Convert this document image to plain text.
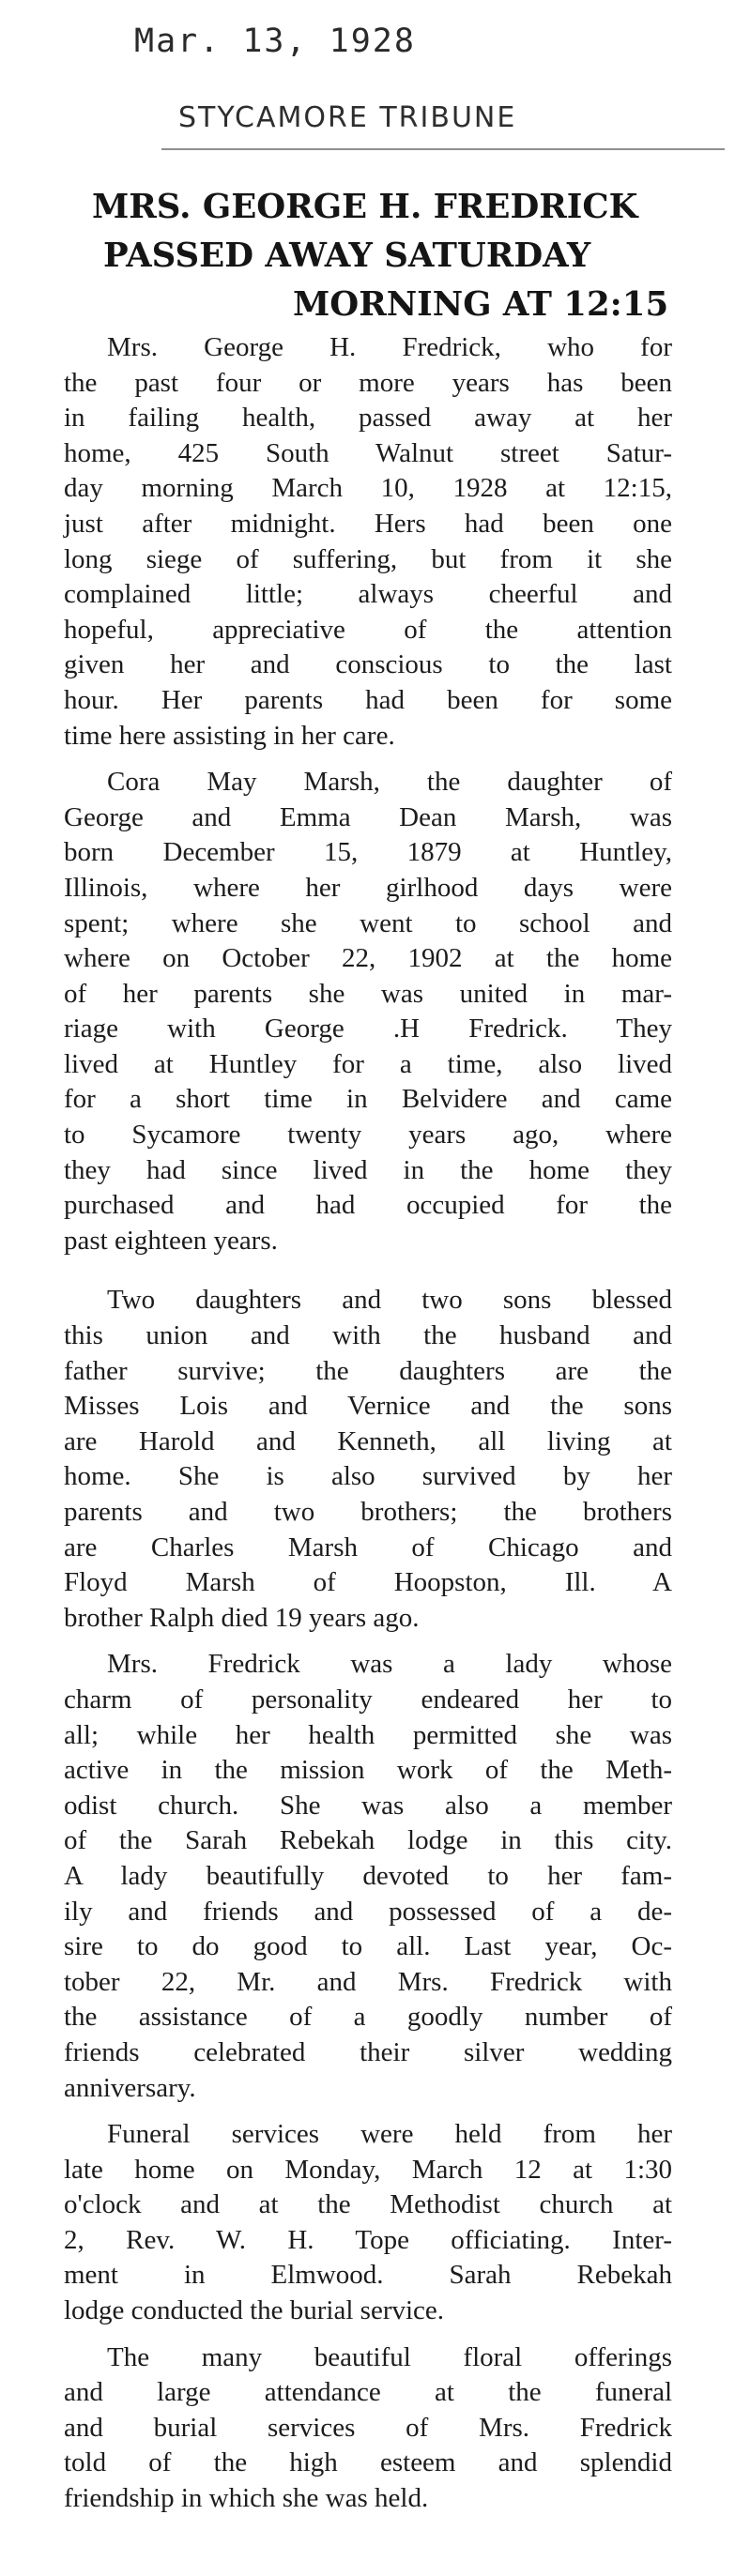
Mar. 13, 1928
STYCAMORE TRIBUNE
MRS. GEORGE H. FREDRICK
PASSED AWAY SATURDAY
MORNING AT 12:15
Mrs. George H. Fredrick, who for
the past four or more years has been
in failing health, passed away at her
home, 425 South Walnut street Satur-
day morning March 10, 1928 at 12:15,
just after midnight. Hers had been one
long siege of suffering, but from it she
complained little; always cheerful and
hopeful, appreciative of the attention
given her and conscious to the last
hour. Her parents had been for some
time here assisting in her care.
Cora May Marsh, the daughter of
George and Emma Dean Marsh, was
born December 15, 1879 at Huntley,
Illinois, where her girlhood days were
spent; where she went to school and
where on October 22, 1902 at the home
of her parents she was united in mar-
riage with George .H Fredrick. They
lived at Huntley for a time, also lived
for a short time in Belvidere and came
to Sycamore twenty years ago, where
they had since lived in the home they
purchased and had occupied for the
past eighteen years.
Two daughters and two sons blessed
this union and with the husband and
father survive; the daughters are the
Misses Lois and Vernice and the sons
are Harold and Kenneth, all living at
home. She is also survived by her
parents and two brothers; the brothers
are Charles Marsh of Chicago and
Floyd Marsh of Hoopston, Ill. A
brother Ralph died 19 years ago.
Mrs. Fredrick was a lady whose
charm of personality endeared her to
all; while her health permitted she was
active in the mission work of the Meth-
odist church. She was also a member
of the Sarah Rebekah lodge in this city.
A lady beautifully devoted to her fam-
ily and friends and possessed of a de-
sire to do good to all. Last year, Oc-
tober 22, Mr. and Mrs. Fredrick with
the assistance of a goodly number of
friends celebrated their silver wedding
anniversary.
Funeral services were held from her
late home on Monday, March 12 at 1:30
o'clock and at the Methodist church at
2, Rev. W. H. Tope officiating. Inter-
ment in Elmwood. Sarah Rebekah
lodge conducted the burial service.
The many beautiful floral offerings
and large attendance at the funeral
and burial services of Mrs. Fredrick
told of the high esteem and splendid
friendship in which she was held.
